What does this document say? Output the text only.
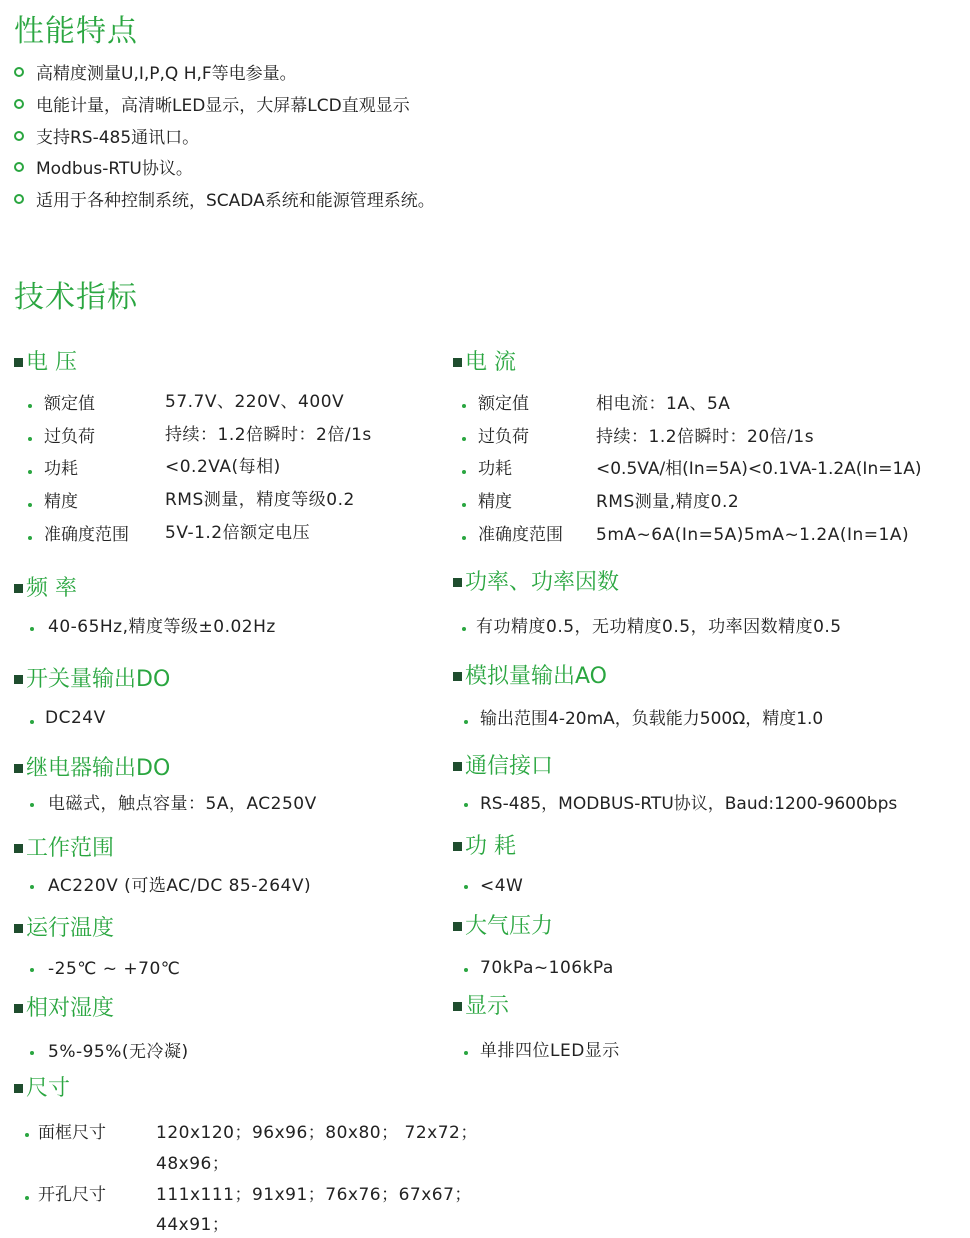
性能特点
高精度测量U,I,P,Q H,F等电参量。
电能计量，高清晰LED显示，大屏幕LCD直观显示
支持RS-485通讯口。
Modbus-RTU协议。
适用于各种控制系统，SCADA系统和能源管理系统。
技术指标
电 压
额定值	57.7V、220V、400V
过负荷	持续：1.2倍瞬时：2倍/1s
功耗	<0.2VA(每相)
精度	RMS测量，精度等级0.2
准确度范围 5V-1.2倍额定电压
电 流
额定值	相电流：1A、5A
过负荷	持续：1.2倍瞬时：20倍/1s
功耗	<0.5VA/相(In=5A)<0.1VA-1.2A(In=1A)
精度	RMS测量,精度0.2
准确度范围 5mA~6A(In=5A)5mA~1.2A(In=1A)
频 率
40-65Hz,精度等级±0.02Hz
功率、功率因数
有功精度0.5，无功精度0.5，功率因数精度0.5
开关量输出DO
DC24V
模拟量输出AO
输出范围4-20mA，负载能力500Ω，精度1.0
继电器输出DO
电磁式，触点容量：5A，AC250V
通信接口
RS-485，MODBUS-RTU协议，Baud:1200-9600bps
工作范围
AC220V (可选AC/DC 85-264V)
功 耗
<4W
运行温度
-25℃ ~ +70℃
大气压力
70kPa~106kPa
相对湿度
5%-95%(无冷凝)
显示
单排四位LED显示
尺寸
面框尺寸	120x120；96x96；80x80； 72x72；
48x96；
开孔尺寸	111x111；91x91；76x76；67x67；
44x91；
